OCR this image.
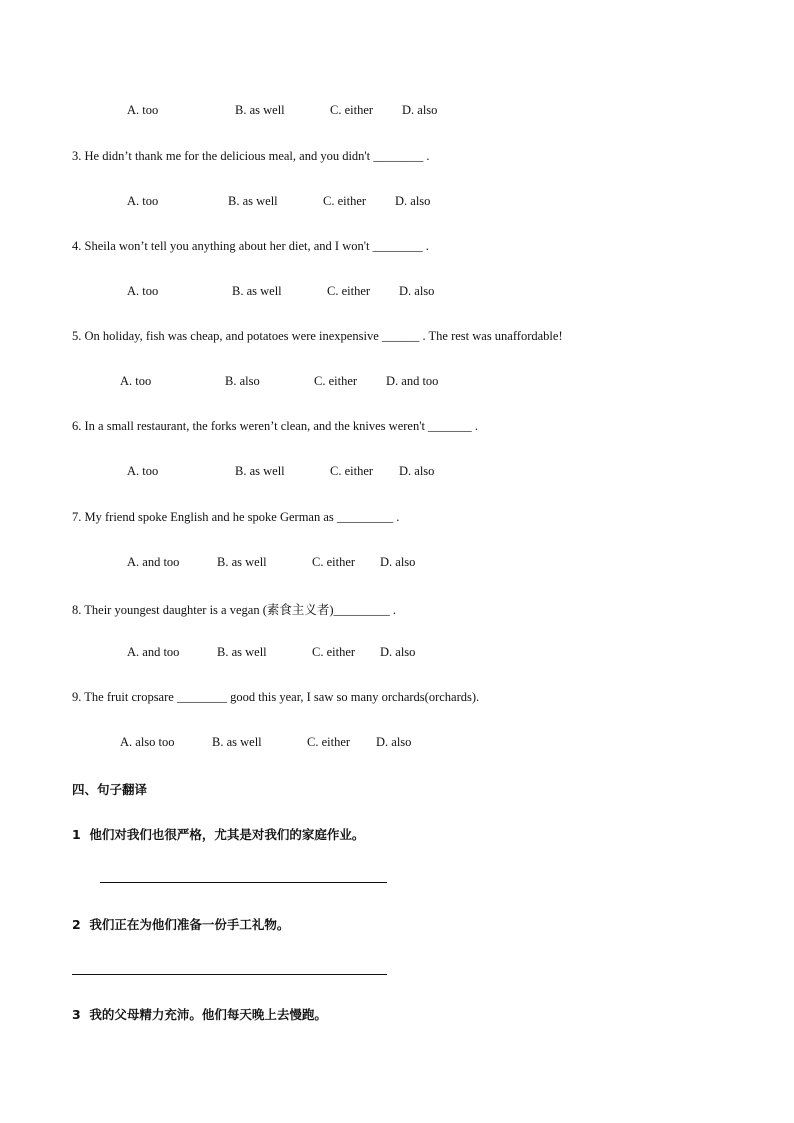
A. too	B. as well	C. either D. also
3. He didn’t thank me for the delicious meal, and you didn't ________ .
A. too	B. as well	C. either D. also
4. Sheila won’t tell you anything about her diet, and I won't ________ .
A. too	B. as well	C. either D. also
5. On holiday, fish was cheap, and potatoes were inexpensive ______ . The rest was unaffordable!
A. too	B. also	C. either D. and too
6. In a small restaurant, the forks weren’t clean, and the knives weren't _______ .
A. too	B. as well	C. either D. also
7. My friend spoke English and he spoke German as _________ .
A. and too	B. as well	C. either D. also
8. Their youngest daughter is a vegan (素食主义者)_________ .
A. and too	B. as well	C. either D. also
9. The fruit cropsare ________ good this year, I saw so many orchards(orchards).
A. also too	B. as well	C. either D. also
四、句子翻译
1 他们对我们也很严格，尤其是对我们的家庭作业。
2 我们正在为他们准备一份手工礼物。
3 我的父母精力充沛。他们每天晚上去慢跑。
